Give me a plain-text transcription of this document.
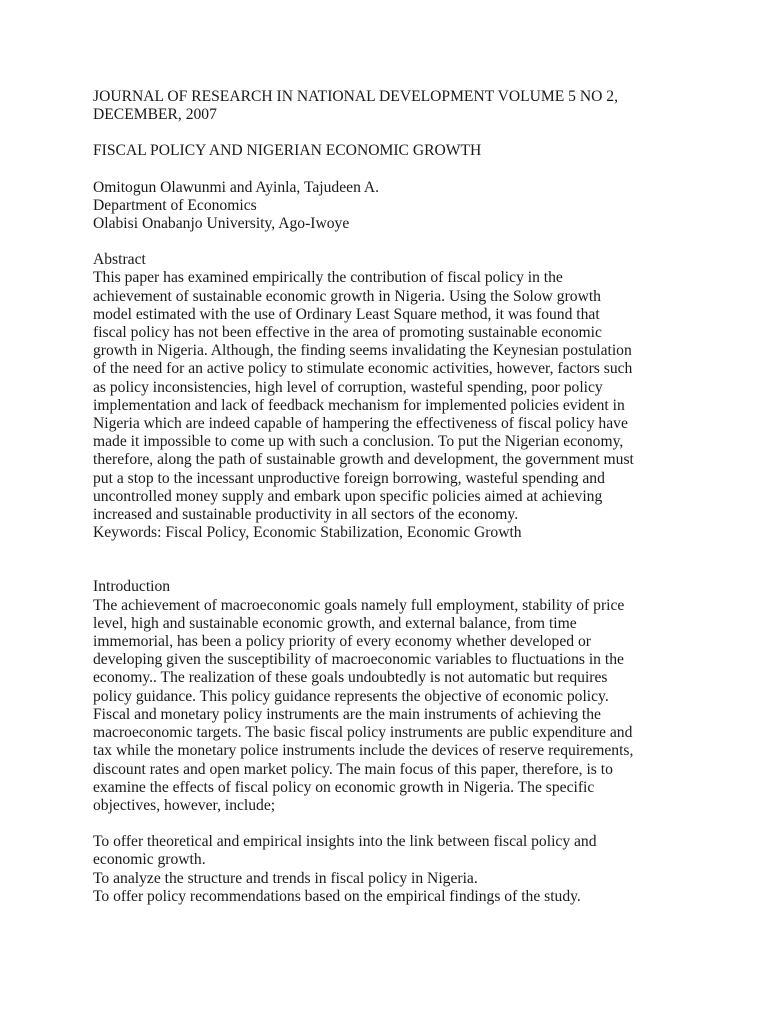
JOURNAL OF RESEARCH IN NATIONAL DEVELOPMENT VOLUME 5 NO 2,
DECEMBER, 2007
FISCAL POLICY AND NIGERIAN ECONOMIC GROWTH
Omitogun Olawunmi and Ayinla, Tajudeen A.
Department of Economics
Olabisi Onabanjo University, Ago-Iwoye
Abstract
This paper has examined empirically the contribution of fiscal policy in the
achievement of sustainable economic growth in Nigeria. Using the Solow growth
model estimated with the use of Ordinary Least Square method, it was found that
fiscal policy has not been effective in the area of promoting sustainable economic
growth in Nigeria. Although, the finding seems invalidating the Keynesian postulation
of the need for an active policy to stimulate economic activities, however, factors such
as policy inconsistencies, high level of corruption, wasteful spending, poor policy
implementation and lack of feedback mechanism for implemented policies evident in
Nigeria which are indeed capable of hampering the effectiveness of fiscal policy have
made it impossible to come up with such a conclusion. To put the Nigerian economy,
therefore, along the path of sustainable growth and development, the government must
put a stop to the incessant unproductive foreign borrowing, wasteful spending and
uncontrolled money supply and embark upon specific policies aimed at achieving
increased and sustainable productivity in all sectors of the economy.
Keywords: Fiscal Policy, Economic Stabilization, Economic Growth
Introduction
The achievement of macroeconomic goals namely full employment, stability of price
level, high and sustainable economic growth, and external balance, from time
immemorial, has been a policy priority of every economy whether developed or
developing given the susceptibility of macroeconomic variables to fluctuations in the
economy.. The realization of these goals undoubtedly is not automatic but requires
policy guidance. This policy guidance represents the objective of economic policy.
Fiscal and monetary policy instruments are the main instruments of achieving the
macroeconomic targets. The basic fiscal policy instruments are public expenditure and
tax while the monetary police instruments include the devices of reserve requirements,
discount rates and open market policy. The main focus of this paper, therefore, is to
examine the effects of fiscal policy on economic growth in Nigeria. The specific
objectives, however, include;
To offer theoretical and empirical insights into the link between fiscal policy and
economic growth.
To analyze the structure and trends in fiscal policy in Nigeria.
To offer policy recommendations based on the empirical findings of the study.
